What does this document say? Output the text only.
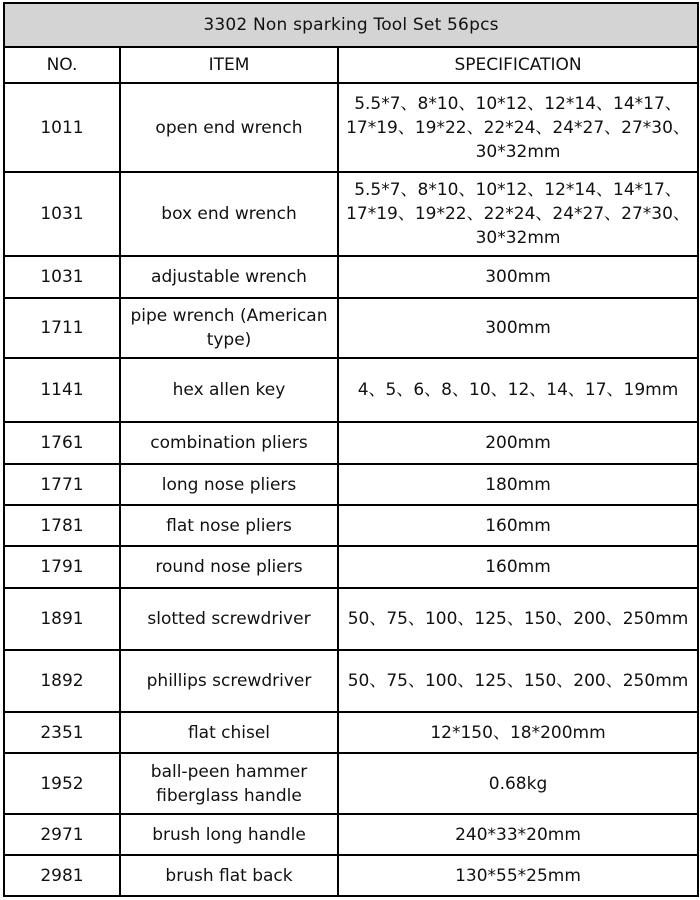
3302 Non sparking Tool Set 56pcs		
NO.	ITEM	SPECIFICATION
1011	open end wrench	5.5*7、8*10、10*12、12*14、14*17、17*19、19*22、22*24、24*27、27*30、30*32mm
1031	box end wrench	5.5*7、8*10、10*12、12*14、14*17、17*19、19*22、22*24、24*27、27*30、30*32mm
1031	adjustable wrench	300mm
1711	pipe wrench (American type)	300mm
1141	hex allen key	4、5、6、8、10、12、14、17、19mm
1761	combination pliers	200mm
1771	long nose pliers	180mm
1781	flat nose pliers	160mm
1791	round nose pliers	160mm
1891	slotted screwdriver	50、75、100、125、150、200、250mm
1892	phillips screwdriver	50、75、100、125、150、200、250mm
2351	flat chisel	12*150、18*200mm
1952	ball-peen hammer fiberglass handle	0.68kg
2971	brush long handle	240*33*20mm
2981	brush flat back	130*55*25mm
